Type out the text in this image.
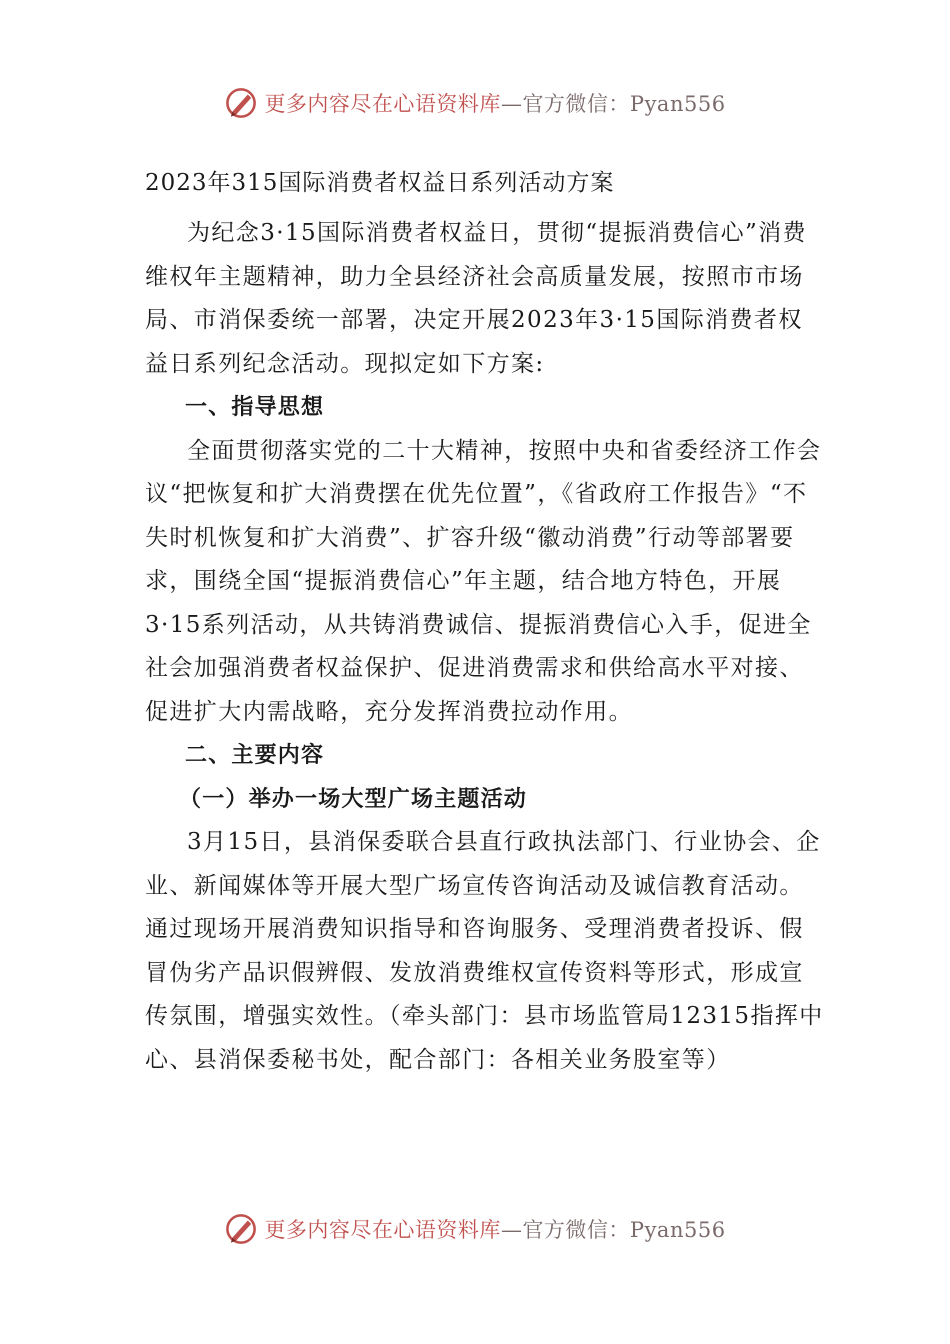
更多内容尽在心语资料库—官方微信：Pyan556

2023年315国际消费者权益日系列活动方案

为纪念3·15国际消费者权益日，贯彻“提振消费信心”消费维权年主题精神，助力全县经济社会高质量发展，按照市市场局、市消保委统一部署，决定开展2023年3·15国际消费者权益日系列纪念活动。现拟定如下方案:

一、指导思想

全面贯彻落实党的二十大精神，按照中央和省委经济工作会议“把恢复和扩大消费摆在优先位置”，《省政府工作报告》“不失时机恢复和扩大消费”、扩容升级“徽动消费”行动等部署要求，围绕全国“提振消费信心”年主题，结合地方特色，开展3·15系列活动，从共铸消费诚信、提振消费信心入手，促进全社会加强消费者权益保护、促进消费需求和供给高水平对接、促进扩大内需战略，充分发挥消费拉动作用。

二、主要内容

（一）举办一场大型广场主题活动

3月15日，县消保委联合县直行政执法部门、行业协会、企业、新闻媒体等开展大型广场宣传咨询活动及诚信教育活动。通过现场开展消费知识指导和咨询服务、受理消费者投诉、假冒伪劣产品识假辨假、发放消费维权宣传资料等形式，形成宣传氛围，增强实效性。（牵头部门：县市场监管局12315指挥中心、县消保委秘书处，配合部门：各相关业务股室等）

更多内容尽在心语资料库—官方微信：Pyan556
